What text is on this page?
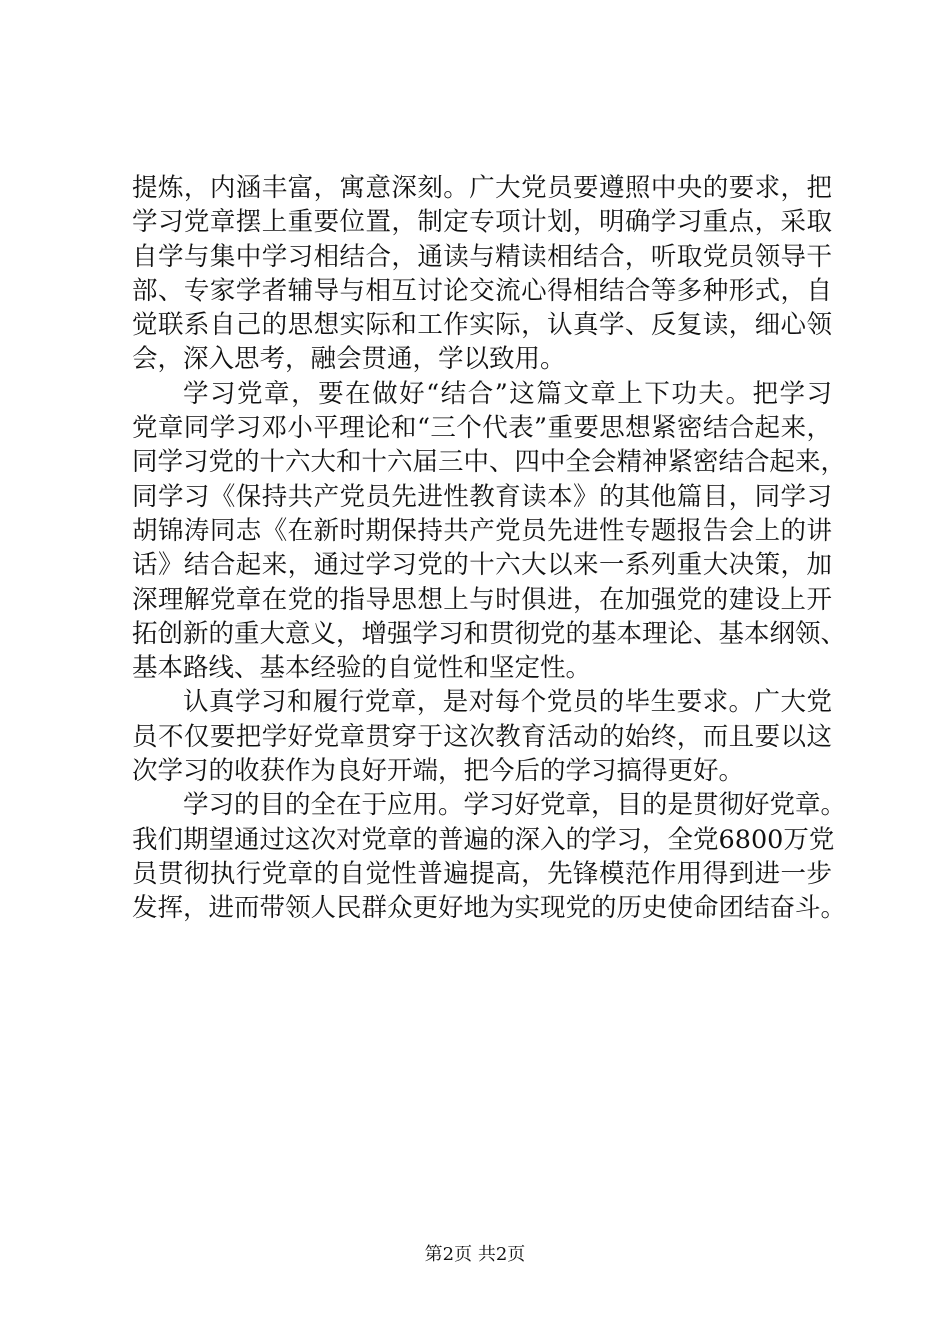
提炼，内涵丰富，寓意深刻。广大党员要遵照中央的要求，把
学习党章摆上重要位置，制定专项计划，明确学习重点，采取
自学与集中学习相结合，通读与精读相结合，听取党员领导干
部、专家学者辅导与相互讨论交流心得相结合等多种形式，自
觉联系自己的思想实际和工作实际，认真学、反复读，细心领
会，深入思考，融会贯通，学以致用。
学习党章，要在做好“结合”这篇文章上下功夫。把学习
党章同学习邓小平理论和“三个代表”重要思想紧密结合起来，
同学习党的十六大和十六届三中、四中全会精神紧密结合起来，
同学习《保持共产党员先进性教育读本》的其他篇目，同学习
胡锦涛同志《在新时期保持共产党员先进性专题报告会上的讲
话》结合起来，通过学习党的十六大以来一系列重大决策，加
深理解党章在党的指导思想上与时俱进，在加强党的建设上开
拓创新的重大意义，增强学习和贯彻党的基本理论、基本纲领、
基本路线、基本经验的自觉性和坚定性。
认真学习和履行党章，是对每个党员的毕生要求。广大党
员不仅要把学好党章贯穿于这次教育活动的始终，而且要以这
次学习的收获作为良好开端，把今后的学习搞得更好。
学习的目的全在于应用。学习好党章，目的是贯彻好党章。
我们期望通过这次对党章的普遍的深入的学习，全党6800万党
员贯彻执行党章的自觉性普遍提高，先锋模范作用得到进一步
发挥，进而带领人民群众更好地为实现党的历史使命团结奋斗。
第2页 共2页
